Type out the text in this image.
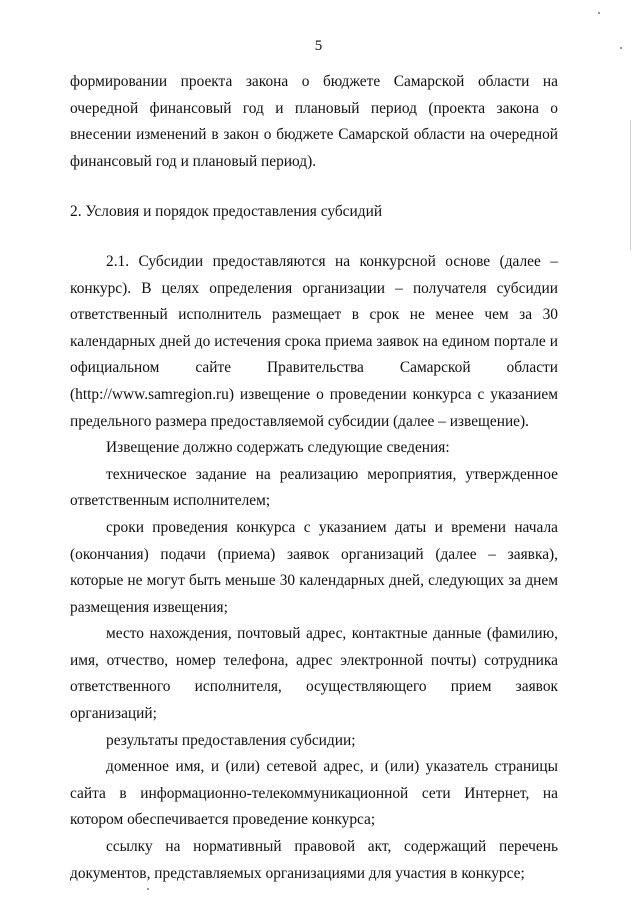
5

формировании проекта закона о бюджете Самарской области на очередной финансовый год и плановый период (проекта закона о внесении изменений в закон о бюджете Самарской области на очередной финансовый год и плановый период).

2. Условия и порядок предоставления субсидий

2.1. Субсидии предоставляются на конкурсной основе (далее – конкурс). В целях определения организации – получателя субсидии ответственный исполнитель размещает в срок не менее чем за 30 календарных дней до истечения срока приема заявок на едином портале и официальном сайте Правительства Самарской области (http://www.samregion.ru) извещение о проведении конкурса с указанием предельного размера предоставляемой субсидии (далее – извещение).

Извещение должно содержать следующие сведения:

техническое задание на реализацию мероприятия, утвержденное ответственным исполнителем;

сроки проведения конкурса с указанием даты и времени начала (окончания) подачи (приема) заявок организаций (далее – заявка), которые не могут быть меньше 30 календарных дней, следующих за днем размещения извещения;

место нахождения, почтовый адрес, контактные данные (фамилию, имя, отчество, номер телефона, адрес электронной почты) сотрудника ответственного исполнителя, осуществляющего прием заявок организаций;

результаты предоставления субсидии;

доменное имя, и (или) сетевой адрес, и (или) указатель страницы сайта в информационно-телекоммуникационной сети Интернет, на котором обеспечивается проведение конкурса;

ссылку на нормативный правовой акт, содержащий перечень документов, представляемых организациями для участия в конкурсе;
